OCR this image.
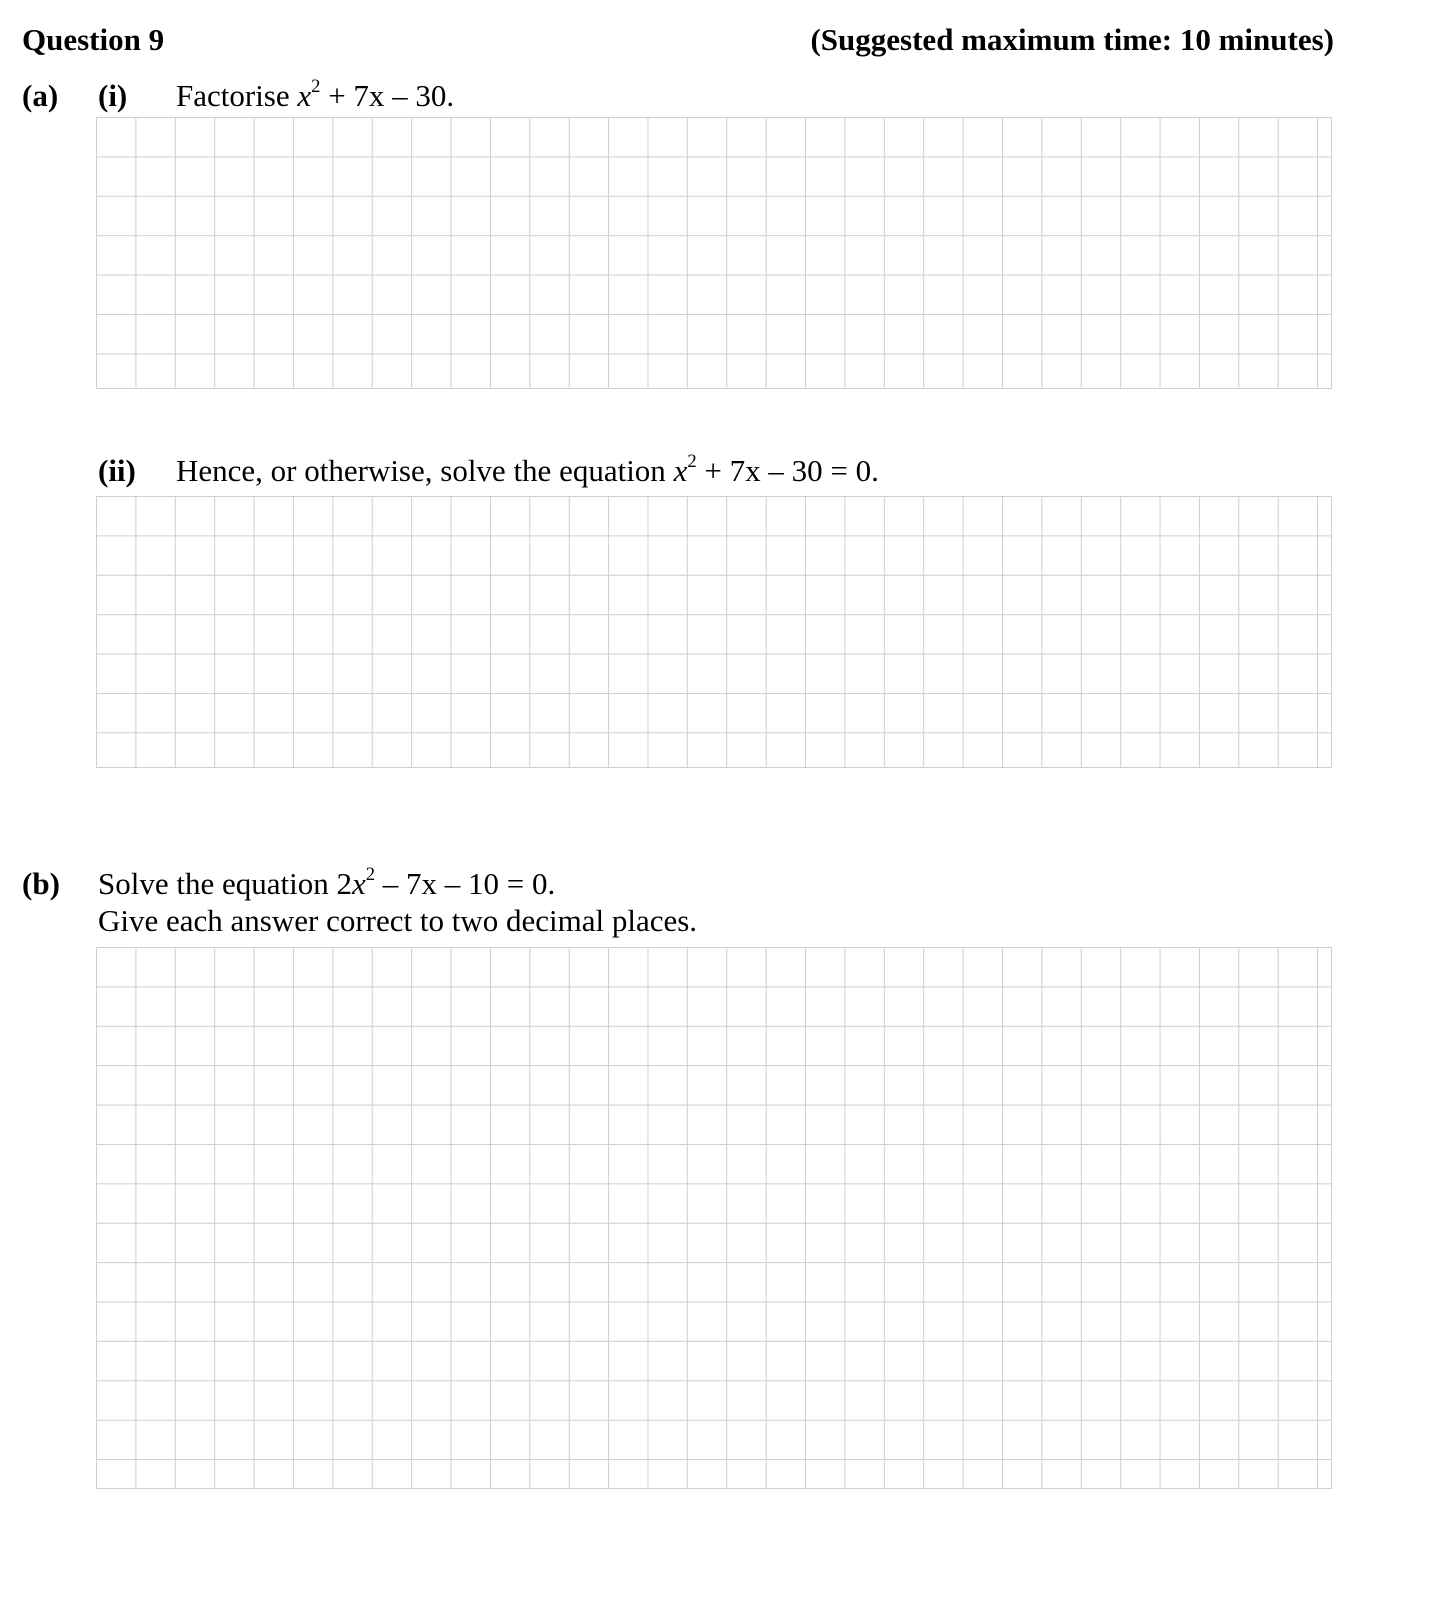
Question 9	(Suggested maximum time: 10 minutes)
(a) (i) Factorise $x^2 + 7x - 30$.
(ii) Hence, or otherwise, solve the equation $x^2 + 7x - 30 = 0$.
(b) Solve the equation $2x^2 - 7x - 10 = 0$.
Give each answer correct to two decimal places.
